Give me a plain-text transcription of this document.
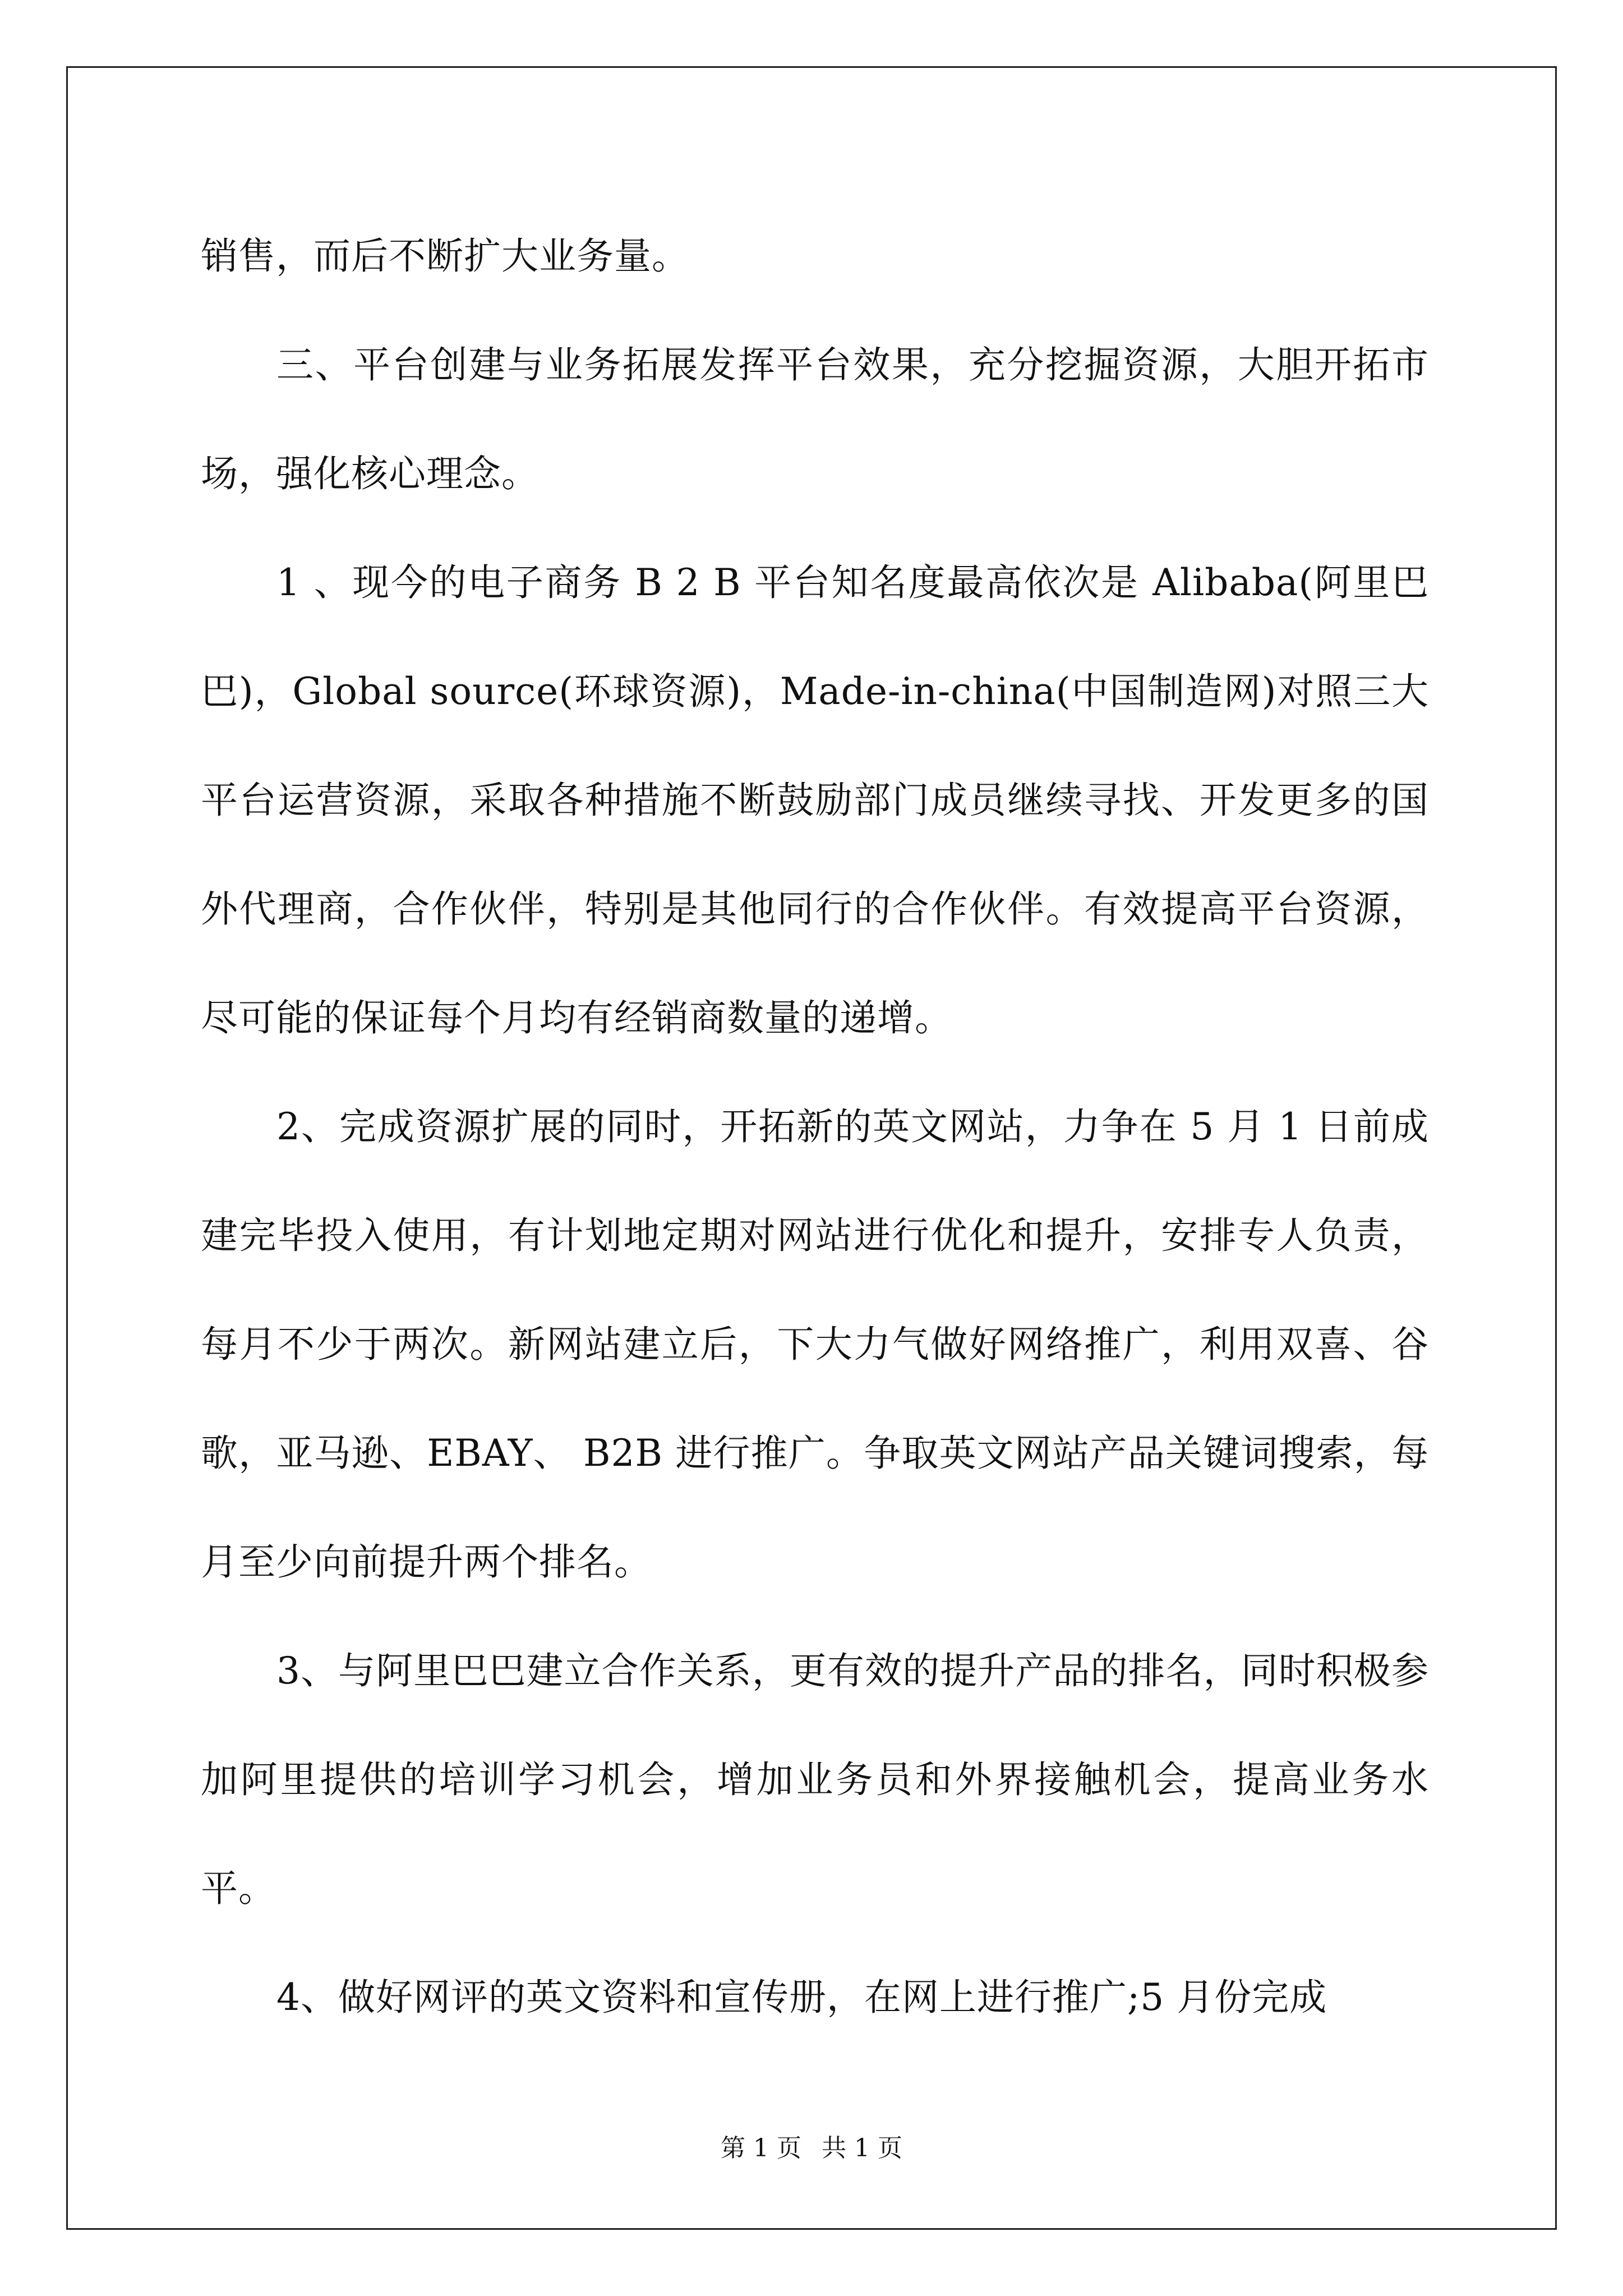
销售，而后不断扩大业务量。

三、平台创建与业务拓展发挥平台效果，充分挖掘资源，大胆开拓市场，强化核心理念。

1 、现今的电子商务 B 2 B 平台知名度最高依次是 Alibaba(阿里巴巴)，Global source(环球资源)，Made-in-china(中国制造网)对照三大平台运营资源，采取各种措施不断鼓励部门成员继续寻找、开发更多的国外代理商，合作伙伴，特别是其他同行的合作伙伴。有效提高平台资源，尽可能的保证每个月均有经销商数量的递增。

2、完成资源扩展的同时，开拓新的英文网站，力争在 5 月 1 日前成建完毕投入使用，有计划地定期对网站进行优化和提升，安排专人负责，每月不少于两次。新网站建立后，下大力气做好网络推广，利用双喜、谷歌，亚马逊、EBAY、 B2B 进行推广。争取英文网站产品关键词搜索，每月至少向前提升两个排名。

3、与阿里巴巴建立合作关系，更有效的提升产品的排名，同时积极参加阿里提供的培训学习机会，增加业务员和外界接触机会，提高业务水平。

4、做好网评的英文资料和宣传册，在网上进行推广;5 月份完成

第 1 页 共 1 页
